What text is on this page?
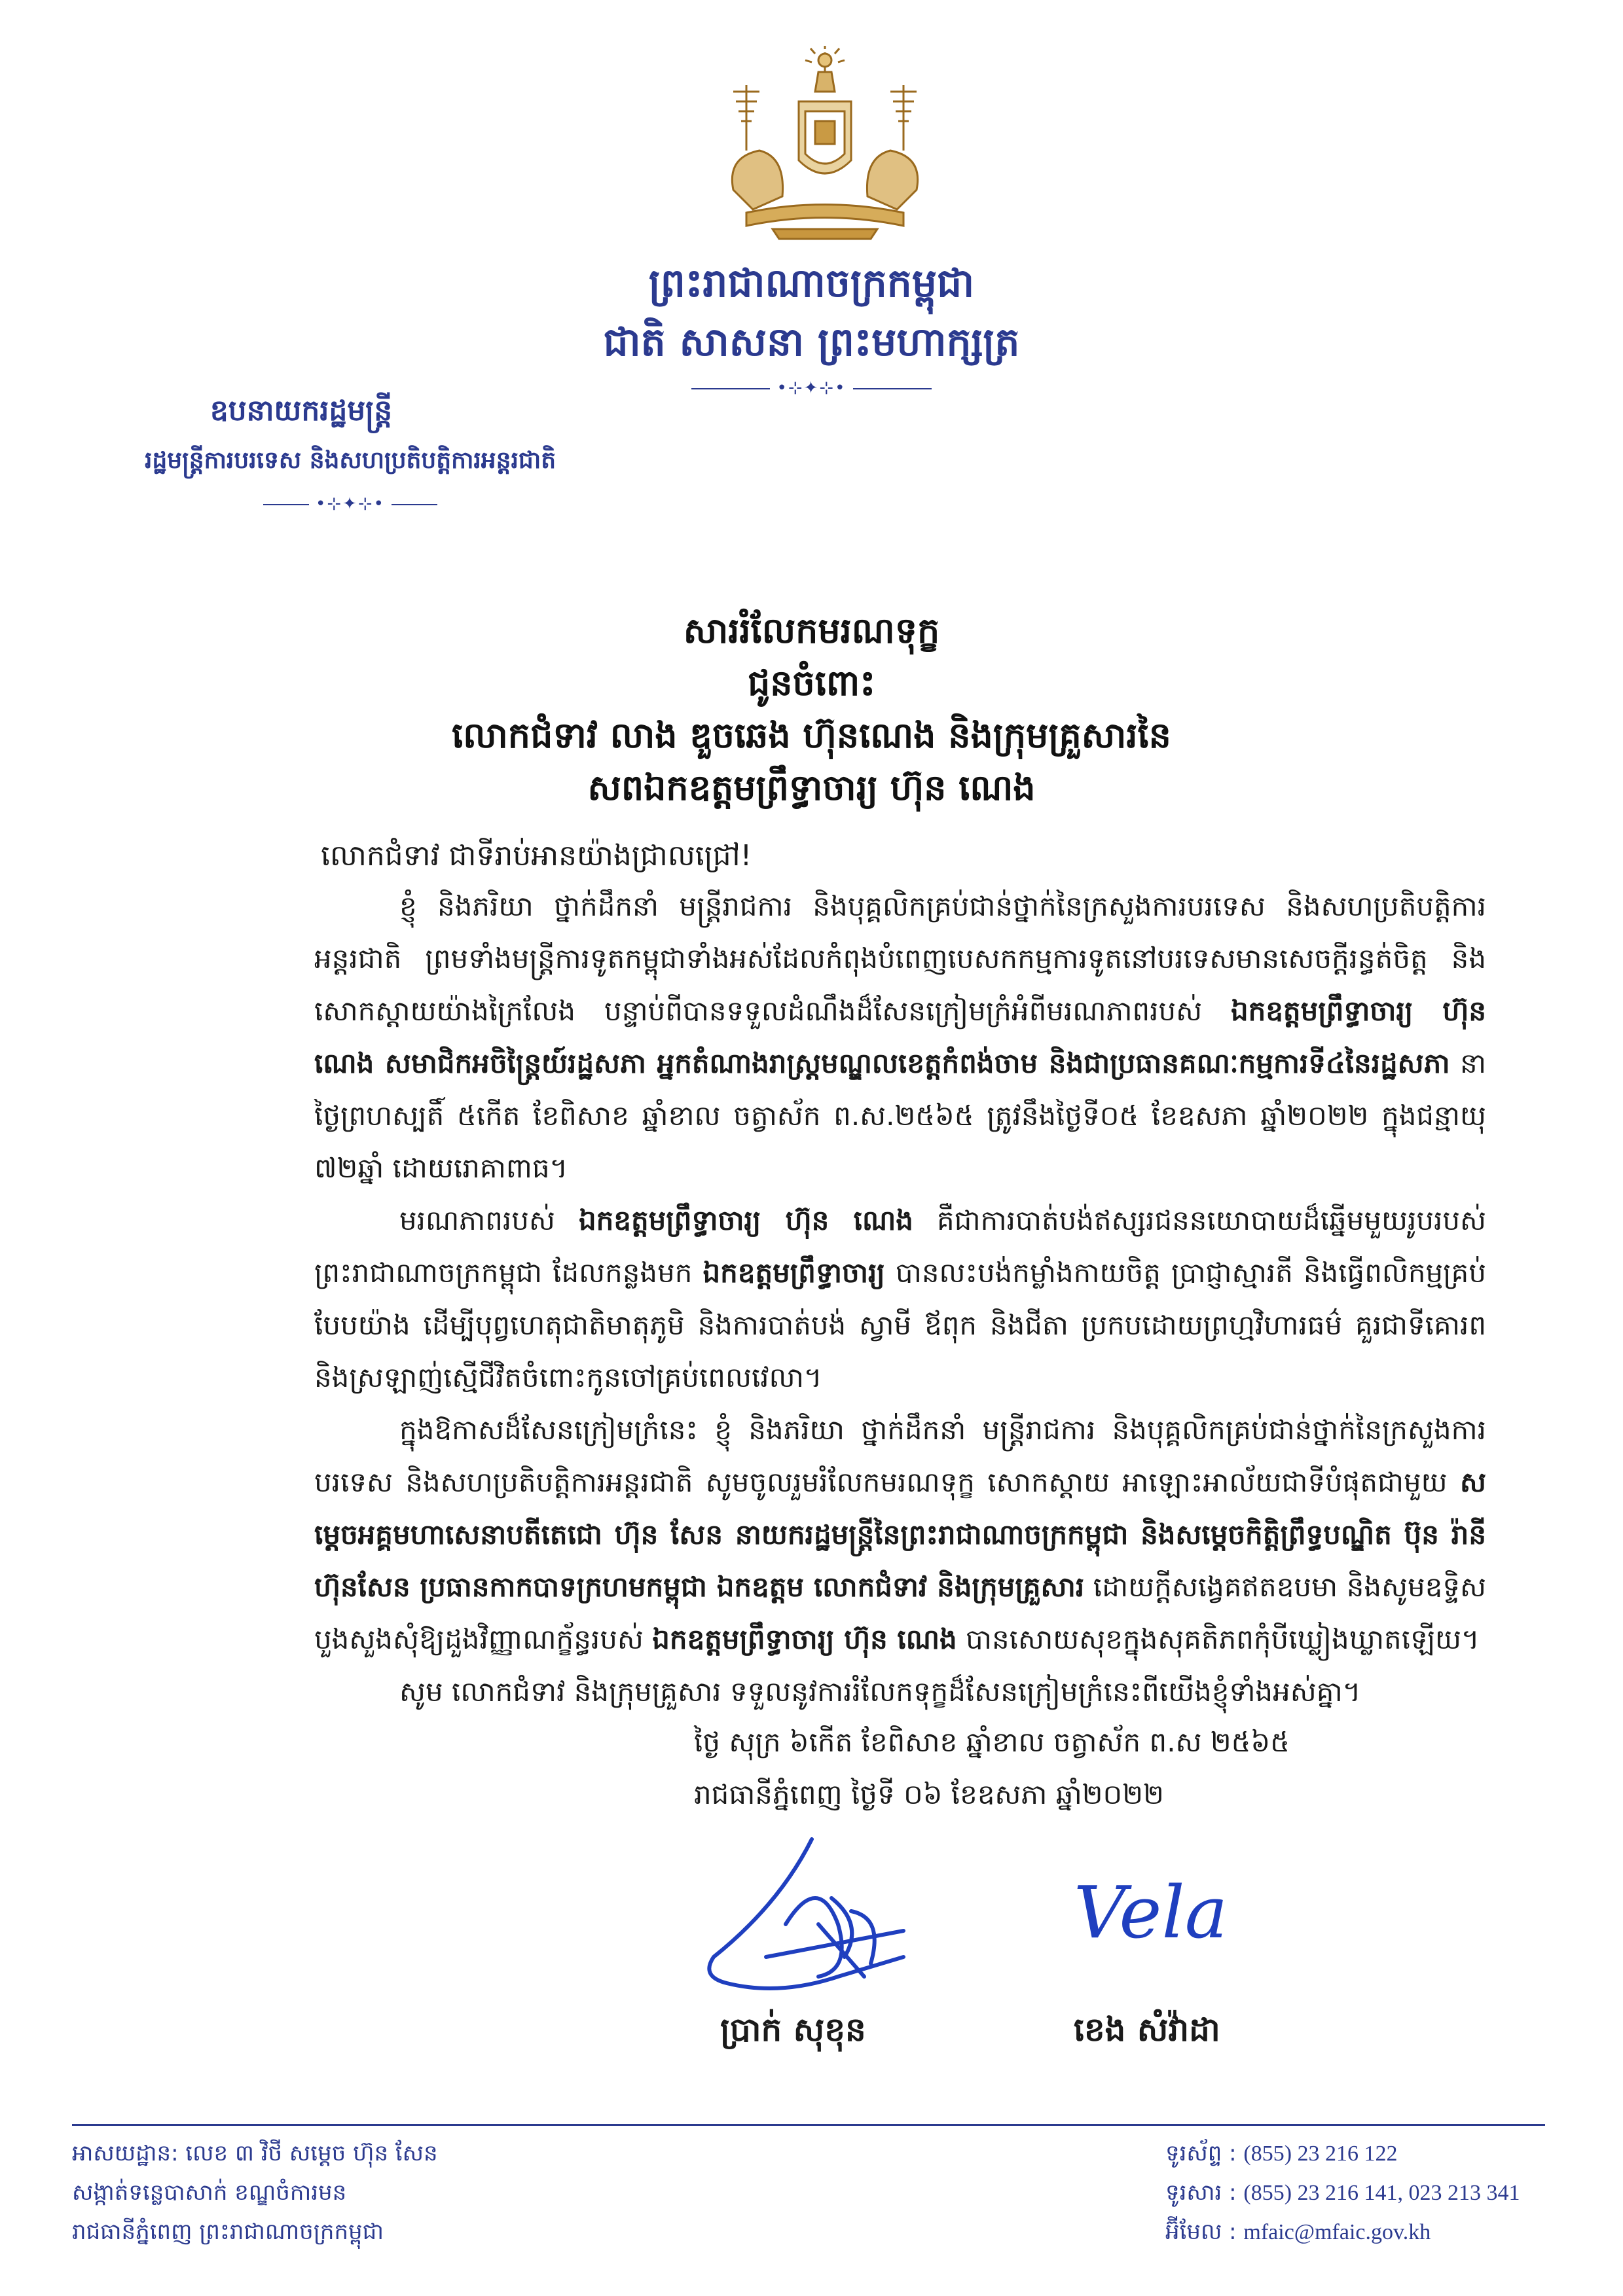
ព្រះរាជាណាចក្រកម្ពុជា
ជាតិ សាសនា ព្រះមហាក្សត្រ
•⊹✦⊹•
ឧបនាយករដ្ឋមន្ត្រី
រដ្ឋមន្ត្រីការបរទេស និងសហប្រតិបត្តិការអន្តរជាតិ
•⊹✦⊹•
សាររំលែកមរណទុក្ខ
ជូនចំពោះ
លោកជំទាវ លាង ឌួចឆេង ហ៊ុនណេង និងក្រុមគ្រួសារនៃ
សពឯកឧត្តមព្រឹទ្ធាចារ្យ ហ៊ុន ណេង
លោកជំទាវ ជាទីរាប់អានយ៉ាងជ្រាលជ្រៅ!
ខ្ញុំ និងភរិយា ថ្នាក់ដឹកនាំ មន្ត្រីរាជការ និងបុគ្គលិកគ្រប់ជាន់ថ្នាក់នៃក្រសួងការបរទេស និងសហប្រតិបត្តិការអន្តរជាតិ ព្រមទាំងមន្ត្រីការទូតកម្ពុជាទាំងអស់ដែលកំពុងបំពេញបេសកកម្មការទូតនៅបរទេសមានសេចក្តីរន្ធត់ចិត្ត និងសោកស្តាយយ៉ាងក្រៃលែង បន្ទាប់ពីបានទទួលដំណឹងដ៏សែនក្រៀមក្រំអំពីមរណភាពរបស់ ឯកឧត្តមព្រឹទ្ធាចារ្យ ហ៊ុន ណេង សមាជិកអចិន្ត្រៃយ៍រដ្ឋសភា អ្នកតំណាងរាស្ត្រមណ្ឌលខេត្តកំពង់ចាម និងជាប្រធានគណៈកម្មការទី៤នៃរដ្ឋសភា នាថ្ងៃព្រហស្បតិ៍ ៥កើត ខែពិសាខ ឆ្នាំខាល ចត្វាស័ក ព.ស.២៥៦៥ ត្រូវនឹងថ្ងៃទី០៥ ខែឧសភា ឆ្នាំ២០២២ ក្នុងជន្មាយុ ៧២ឆ្នាំ ដោយរោគាពាធ។
មរណភាពរបស់ ឯកឧត្តមព្រឹទ្ធាចារ្យ ហ៊ុន ណេង គឺជាការបាត់បង់ឥស្សរជននយោបាយដ៏ឆ្នើមមួយរូបរបស់ព្រះរាជាណាចក្រកម្ពុជា ដែលកន្លងមក ឯកឧត្តមព្រឹទ្ធាចារ្យ បានលះបង់កម្លាំងកាយចិត្ត ប្រាជ្ញាស្មារតី និងធ្វើពលិកម្មគ្រប់បែបយ៉ាង ដើម្បីបុព្វហេតុជាតិមាតុភូមិ និងការបាត់បង់ ស្វាមី ឪពុក និងជីតា ប្រកបដោយព្រហ្មវិហារធម៌ គួរជាទីគោរព និងស្រឡាញ់ស្មើជីវិតចំពោះកូនចៅគ្រប់ពេលវេលា។
ក្នុងឱកាសដ៏សែនក្រៀមក្រំនេះ ខ្ញុំ និងភរិយា ថ្នាក់ដឹកនាំ មន្ត្រីរាជការ និងបុគ្គលិកគ្រប់ជាន់ថ្នាក់នៃក្រសួងការបរទេស និងសហប្រតិបត្តិការអន្តរជាតិ សូមចូលរួមរំលែកមរណទុក្ខ សោកស្តាយ អាឡោះអាល័យជាទីបំផុតជាមួយ សម្តេចអគ្គមហាសេនាបតីតេជោ ហ៊ុន សែន នាយករដ្ឋមន្ត្រីនៃព្រះរាជាណាចក្រកម្ពុជា និងសម្តេចកិត្តិព្រឹទ្ធបណ្ឌិត ប៊ុន រ៉ានី ហ៊ុនសែន ប្រធានកាកបាទក្រហមកម្ពុជា ឯកឧត្តម លោកជំទាវ និងក្រុមគ្រួសារ ដោយក្តីសង្វេគឥតឧបមា និងសូមឧទ្ទិសបួងសួងសុំឱ្យដួងវិញ្ញាណក្ខ័ន្ធរបស់ ឯកឧត្តមព្រឹទ្ធាចារ្យ ហ៊ុន ណេង បានសោយសុខក្នុងសុគតិភពកុំបីឃ្លៀងឃ្លាតឡើយ។
សូម លោកជំទាវ និងក្រុមគ្រួសារ ទទួលនូវការរំលែកទុក្ខដ៏សែនក្រៀមក្រំនេះពីយើងខ្ញុំទាំងអស់គ្នា។
ថ្ងៃ សុក្រ ៦កើត ខែពិសាខ ឆ្នាំខាល ចត្វាស័ក ព.ស ២៥៦៥
រាជធានីភ្នំពេញ ថ្ងៃទី ០៦ ខែឧសភា ឆ្នាំ២០២២
Vela
ប្រាក់ សុខុន	ខេង សំវ៉ាដា
អាសយដ្ឋាន: លេខ ៣ វិថី សម្តេច ហ៊ុន សែន
សង្កាត់ទន្លេបាសាក់ ខណ្ឌចំការមន
រាជធានីភ្នំពេញ ព្រះរាជាណាចក្រកម្ពុជា
ទូរស័ព្ទ : (855) 23 216 122
ទូរសារ : (855) 23 216 141, 023 213 341
អ៊ីមែល : mfaic@mfaic.gov.kh
